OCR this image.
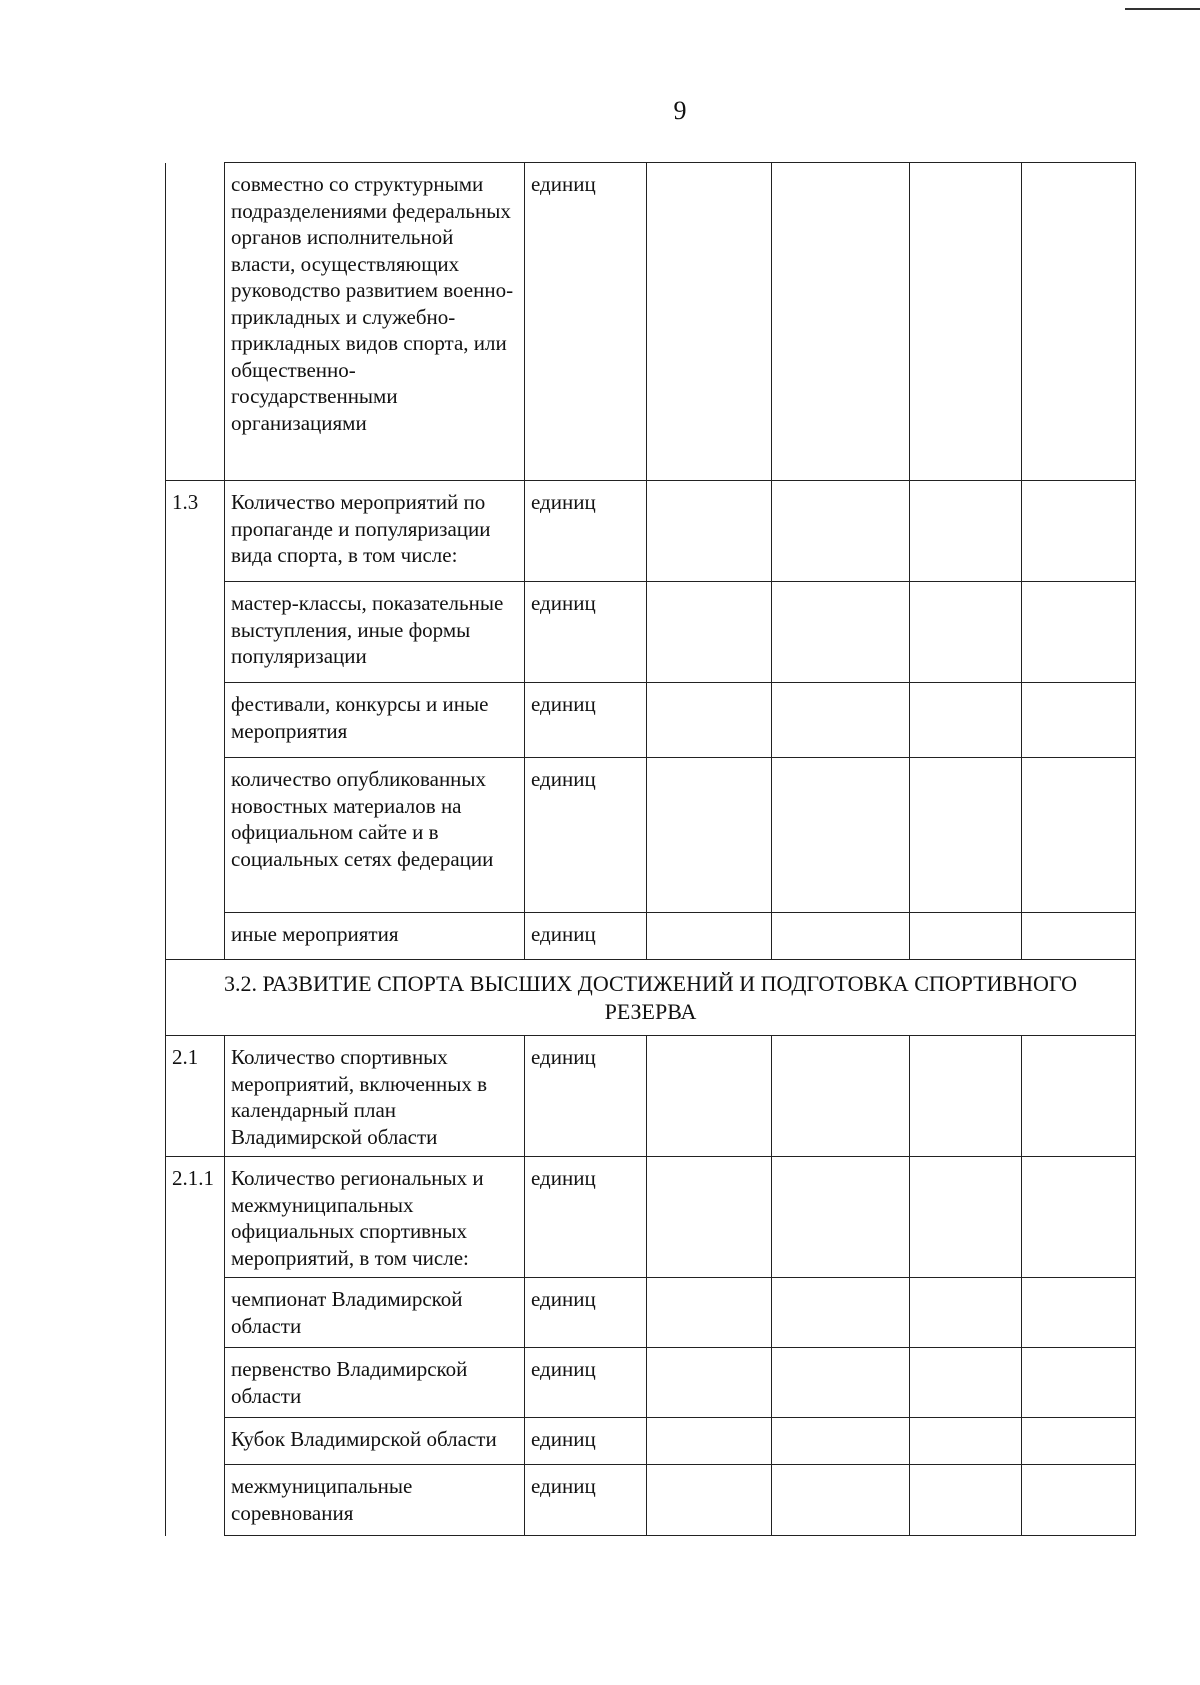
9
	совместно со структурными подразделениями федеральных органов исполнительной власти, осуществляющих руководство развитием военно-прикладных и служебно-прикладных видов спорта, или общественно-государственными организациями	единиц				
1.3	Количество мероприятий по пропаганде и популяризации вида спорта, в том числе:	единиц				
	мастер-классы, показательные выступления, иные формы популяризации	единиц				
	фестивали, конкурсы и иные мероприятия	единиц				
	количество опубликованных новостных материалов на официальном сайте и в социальных сетях федерации	единиц				
	иные мероприятия	единиц				
3.2. РАЗВИТИЕ СПОРТА ВЫСШИХ ДОСТИЖЕНИЙ И ПОДГОТОВКА СПОРТИВНОГО РЕЗЕРВА						
2.1	Количество спортивных мероприятий, включенных в календарный план Владимирской области	единиц				
2.1.1	Количество региональных и межмуниципальных официальных спортивных мероприятий, в том числе:	единиц				
	чемпионат Владимирской области	единиц				
	первенство Владимирской области	единиц				
	Кубок Владимирской области	единиц				
	межмуниципальные соревнования	единиц				
